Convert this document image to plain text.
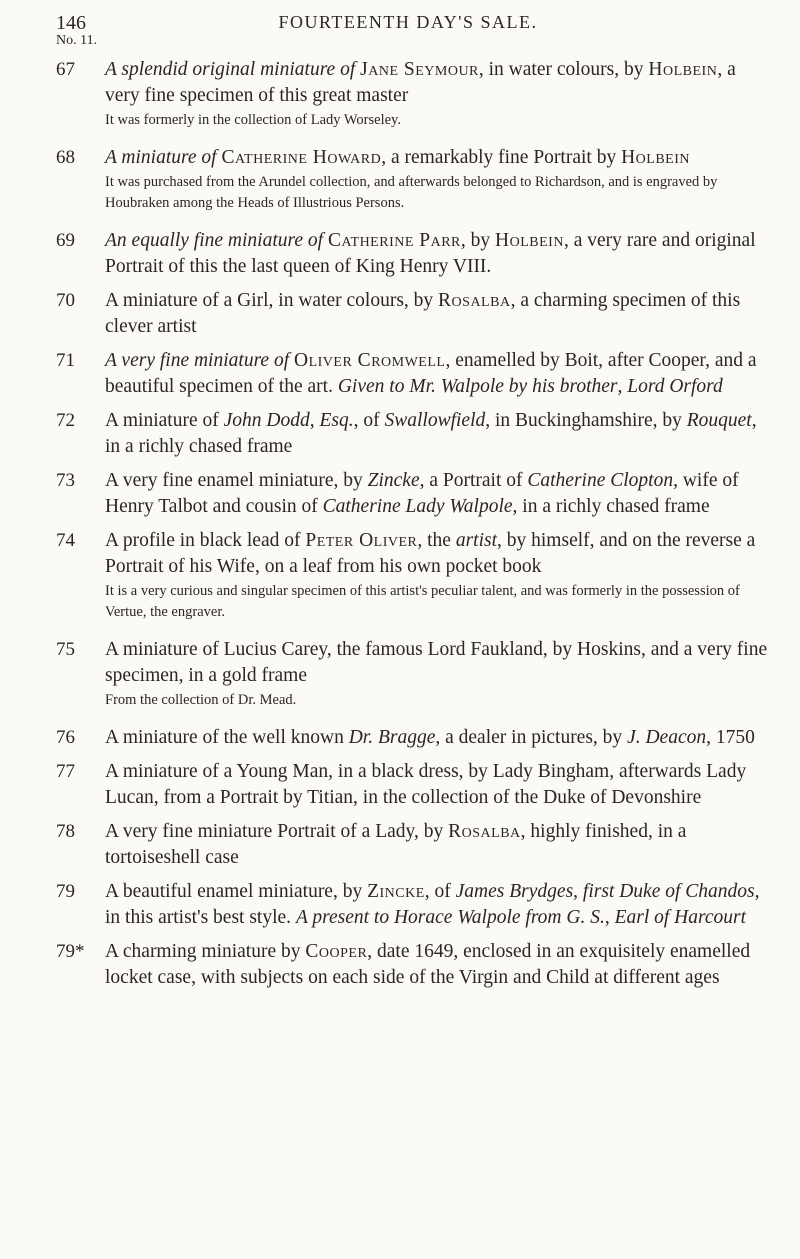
146	FOURTEENTH DAY'S SALE.
No. 11.
67	A splendid original miniature of Jane Seymour, in water colours, by Holbein, a very fine specimen of this great master
It was formerly in the collection of Lady Worseley.
68	A miniature of Catherine Howard, a remarkably fine Portrait by Holbein
It was purchased from the Arundel collection, and afterwards belonged to Richardson, and is engraved by Houbraken among the Heads of Illustrious Persons.
69	An equally fine miniature of Catherine Parr, by Holbein, a very rare and original Portrait of this the last queen of King Henry VIII.
70	A miniature of a Girl, in water colours, by Rosalba, a charming specimen of this clever artist
71	A very fine miniature of Oliver Cromwell, enamelled by Boit, after Cooper, and a beautiful specimen of the art. Given to Mr. Walpole by his brother, Lord Orford
72	A miniature of John Dodd, Esq., of Swallowfield, in Buckinghamshire, by Rouquet, in a richly chased frame
73	A very fine enamel miniature, by Zincke, a Portrait of Catherine Clopton, wife of Henry Talbot and cousin of Catherine Lady Walpole, in a richly chased frame
74	A profile in black lead of Peter Oliver, the artist, by himself, and on the reverse a Portrait of his Wife, on a leaf from his own pocket book
It is a very curious and singular specimen of this artist's peculiar talent, and was formerly in the possession of Vertue, the engraver.
75	A miniature of Lucius Carey, the famous Lord Faukland, by Hoskins, and a very fine specimen, in a gold frame
From the collection of Dr. Mead.
76	A miniature of the well known Dr. Bragge, a dealer in pictures, by J. Deacon, 1750
77	A miniature of a Young Man, in a black dress, by Lady Bingham, afterwards Lady Lucan, from a Portrait by Titian, in the collection of the Duke of Devonshire
78	A very fine miniature Portrait of a Lady, by Rosalba, highly finished, in a tortoiseshell case
79	A beautiful enamel miniature, by Zincke, of James Brydges, first Duke of Chandos, in this artist's best style. A present to Horace Walpole from G. S., Earl of Harcourt
79*	A charming miniature by Cooper, date 1649, enclosed in an exquisitely enamelled locket case, with subjects on each side of the Virgin and Child at different ages
